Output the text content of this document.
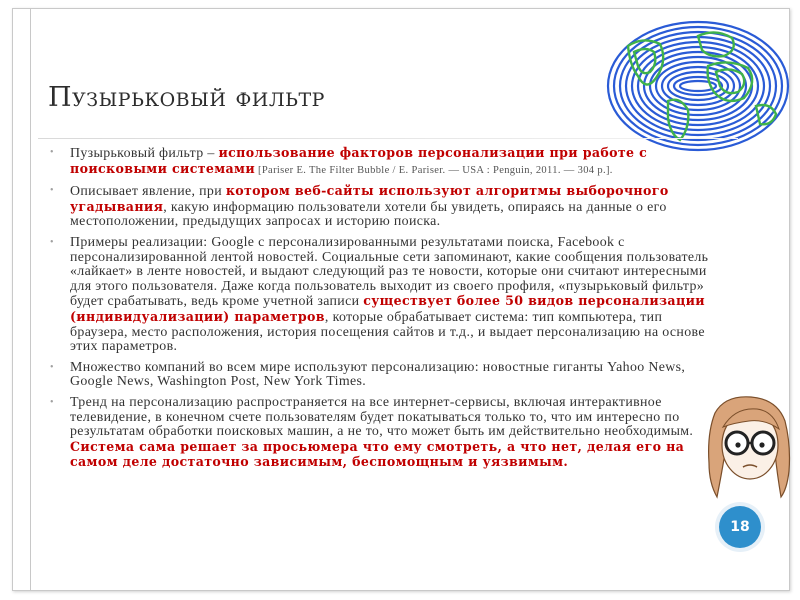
Пузырьковый фильтр

• Пузырьковый фильтр – использование факторов персонализации при работе с поисковыми системами [Pariser E. The Filter Bubble / E. Pariser. — USA : Penguin, 2011. — 304 p.].

• Описывает явление, при котором веб-сайты используют алгоритмы выборочного угадывания, какую информацию пользователи хотели бы увидеть, опираясь на данные о его местоположении, предыдущих запросах и историю поиска.

• Примеры реализации: Google с персонализированными результатами поиска, Facebook с персонализированной лентой новостей. Социальные сети запоминают, какие сообщения пользователь «лайкает» в ленте новостей, и выдают следующий раз те новости, которые они считают интересными для этого пользователя. Даже когда пользователь выходит из своего профиля, «пузырьковый фильтр» будет срабатывать, ведь кроме учетной записи существует более 50 видов персонализации (индивидуализации) параметров, которые обрабатывает система: тип компьютера, тип браузера, место расположения, история посещения сайтов и т.д., и выдает персонализацию на основе этих параметров.

• Множество компаний во всем мире используют персонализацию: новостные гиганты Yahoo News, Google News, Washington Post, New York Times.

• Тренд на персонализацию распространяется на все интернет-сервисы, включая интерактивное телевидение, в конечном счете пользователям будет покатываться только то, что им интересно по результатам обработки поисковых машин, а не то, что может быть им действительно необходимым. Система сама решает за просьюмера что ему смотреть, а что нет, делая его на самом деле достаточно зависимым, беспомощным и уязвимым.

18
